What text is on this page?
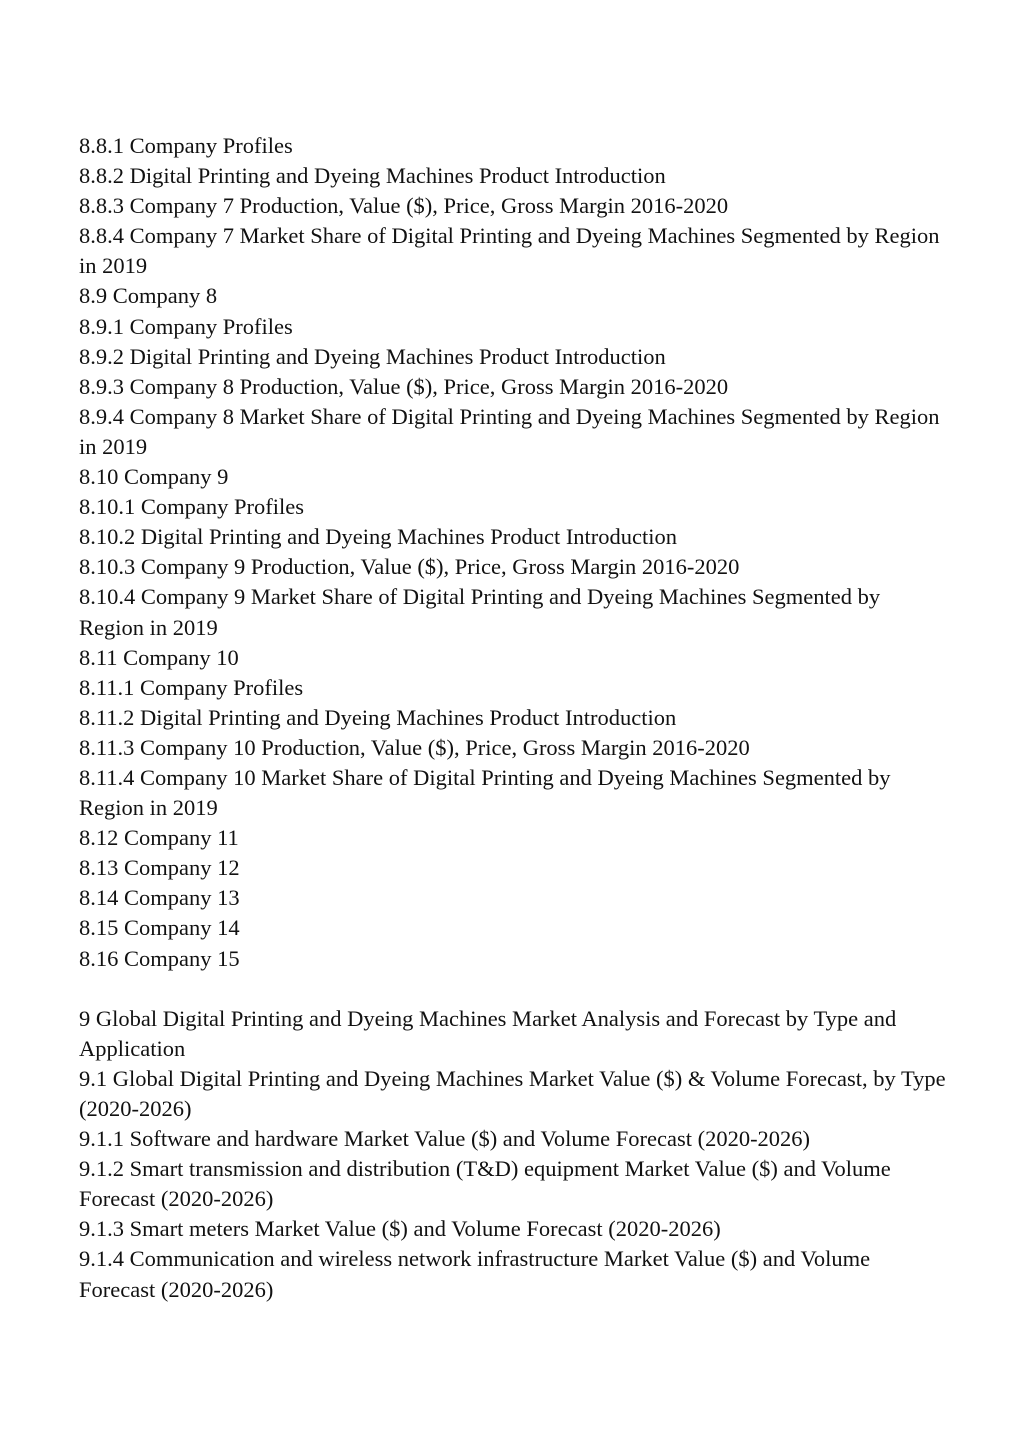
8.8.1 Company Profiles

8.8.2 Digital Printing and Dyeing Machines Product Introduction

8.8.3 Company 7 Production, Value ($), Price, Gross Margin 2016-2020

8.8.4 Company 7 Market Share of Digital Printing and Dyeing Machines Segmented by Region in 2019

8.9 Company 8

8.9.1 Company Profiles

8.9.2 Digital Printing and Dyeing Machines Product Introduction

8.9.3 Company 8 Production, Value ($), Price, Gross Margin 2016-2020

8.9.4 Company 8 Market Share of Digital Printing and Dyeing Machines Segmented by Region in 2019

8.10 Company 9

8.10.1 Company Profiles

8.10.2 Digital Printing and Dyeing Machines Product Introduction

8.10.3 Company 9 Production, Value ($), Price, Gross Margin 2016-2020

8.10.4 Company 9 Market Share of Digital Printing and Dyeing Machines Segmented by Region in 2019

8.11 Company 10

8.11.1 Company Profiles

8.11.2 Digital Printing and Dyeing Machines Product Introduction

8.11.3 Company 10 Production, Value ($), Price, Gross Margin 2016-2020

8.11.4 Company 10 Market Share of Digital Printing and Dyeing Machines Segmented by Region in 2019

8.12 Company 11

8.13 Company 12

8.14 Company 13

8.15 Company 14

8.16 Company 15

9 Global Digital Printing and Dyeing Machines Market Analysis and Forecast by Type and Application

9.1 Global Digital Printing and Dyeing Machines Market Value ($) & Volume Forecast, by Type (2020-2026)

9.1.1 Software and hardware Market Value ($) and Volume Forecast (2020-2026)

9.1.2 Smart transmission and distribution (T&D) equipment Market Value ($) and Volume Forecast (2020-2026)

9.1.3 Smart meters Market Value ($) and Volume Forecast (2020-2026)

9.1.4 Communication and wireless network infrastructure Market Value ($) and Volume Forecast (2020-2026)
